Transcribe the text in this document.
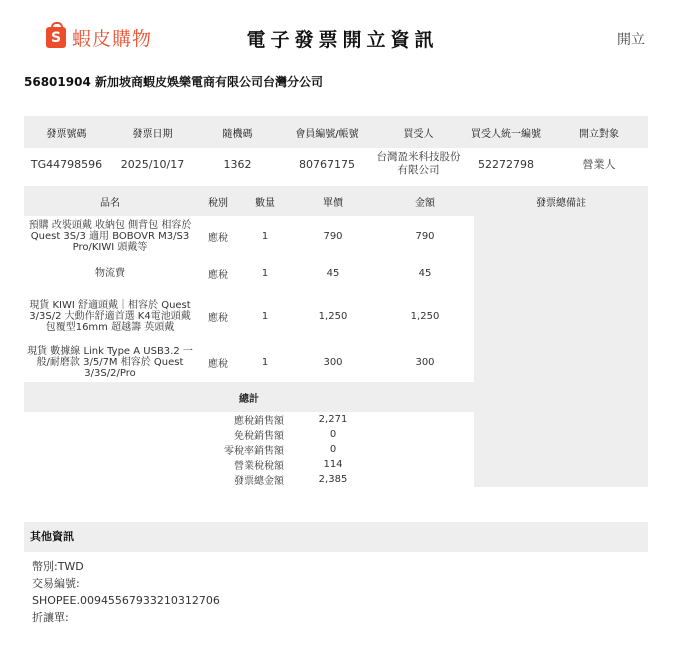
S 蝦皮購物	電子發票開立資訊	開立
56801904 新加坡商蝦皮娛樂電商有限公司台灣分公司
發票號碼	發票日期	隨機碼	會員編號/帳號	買受人	買受人統一編號	開立對象
TG44798596	2025/10/17	1362	80767175	台灣盈米科技股份有限公司	52272798	營業人
品名	稅別	數量	單價	金額	發票總備註
預購 改裝頭戴 收納包 側背包 相容於 Quest 3S/3 適用 BOBOVR M3/S3 Pro/KIWI 頭戴等	應稅	1	790	790	
物流費	應稅	1	45	45	
現貨 KIWI 舒適頭戴｜相容於 Quest 3/3S/2 大動作舒適首選 K4電池頭戴 包覆型16mm 超越籌 英頭戴	應稅	1	1,250	1,250	
現貨 數據線 Link Type A USB3.2 一般/耐磨款 3/5/7M 相容於 Quest 3/3S/2/Pro	應稅	1	300	300	
總計					
應稅銷售額			2,271		
免稅銷售額			0		
零稅率銷售額			0		
營業稅稅額			114		
發票總金額			2,385		
其他資訊
幣別:TWD
交易編號:
SHOPEE.00945567933210312706
折讓單:
